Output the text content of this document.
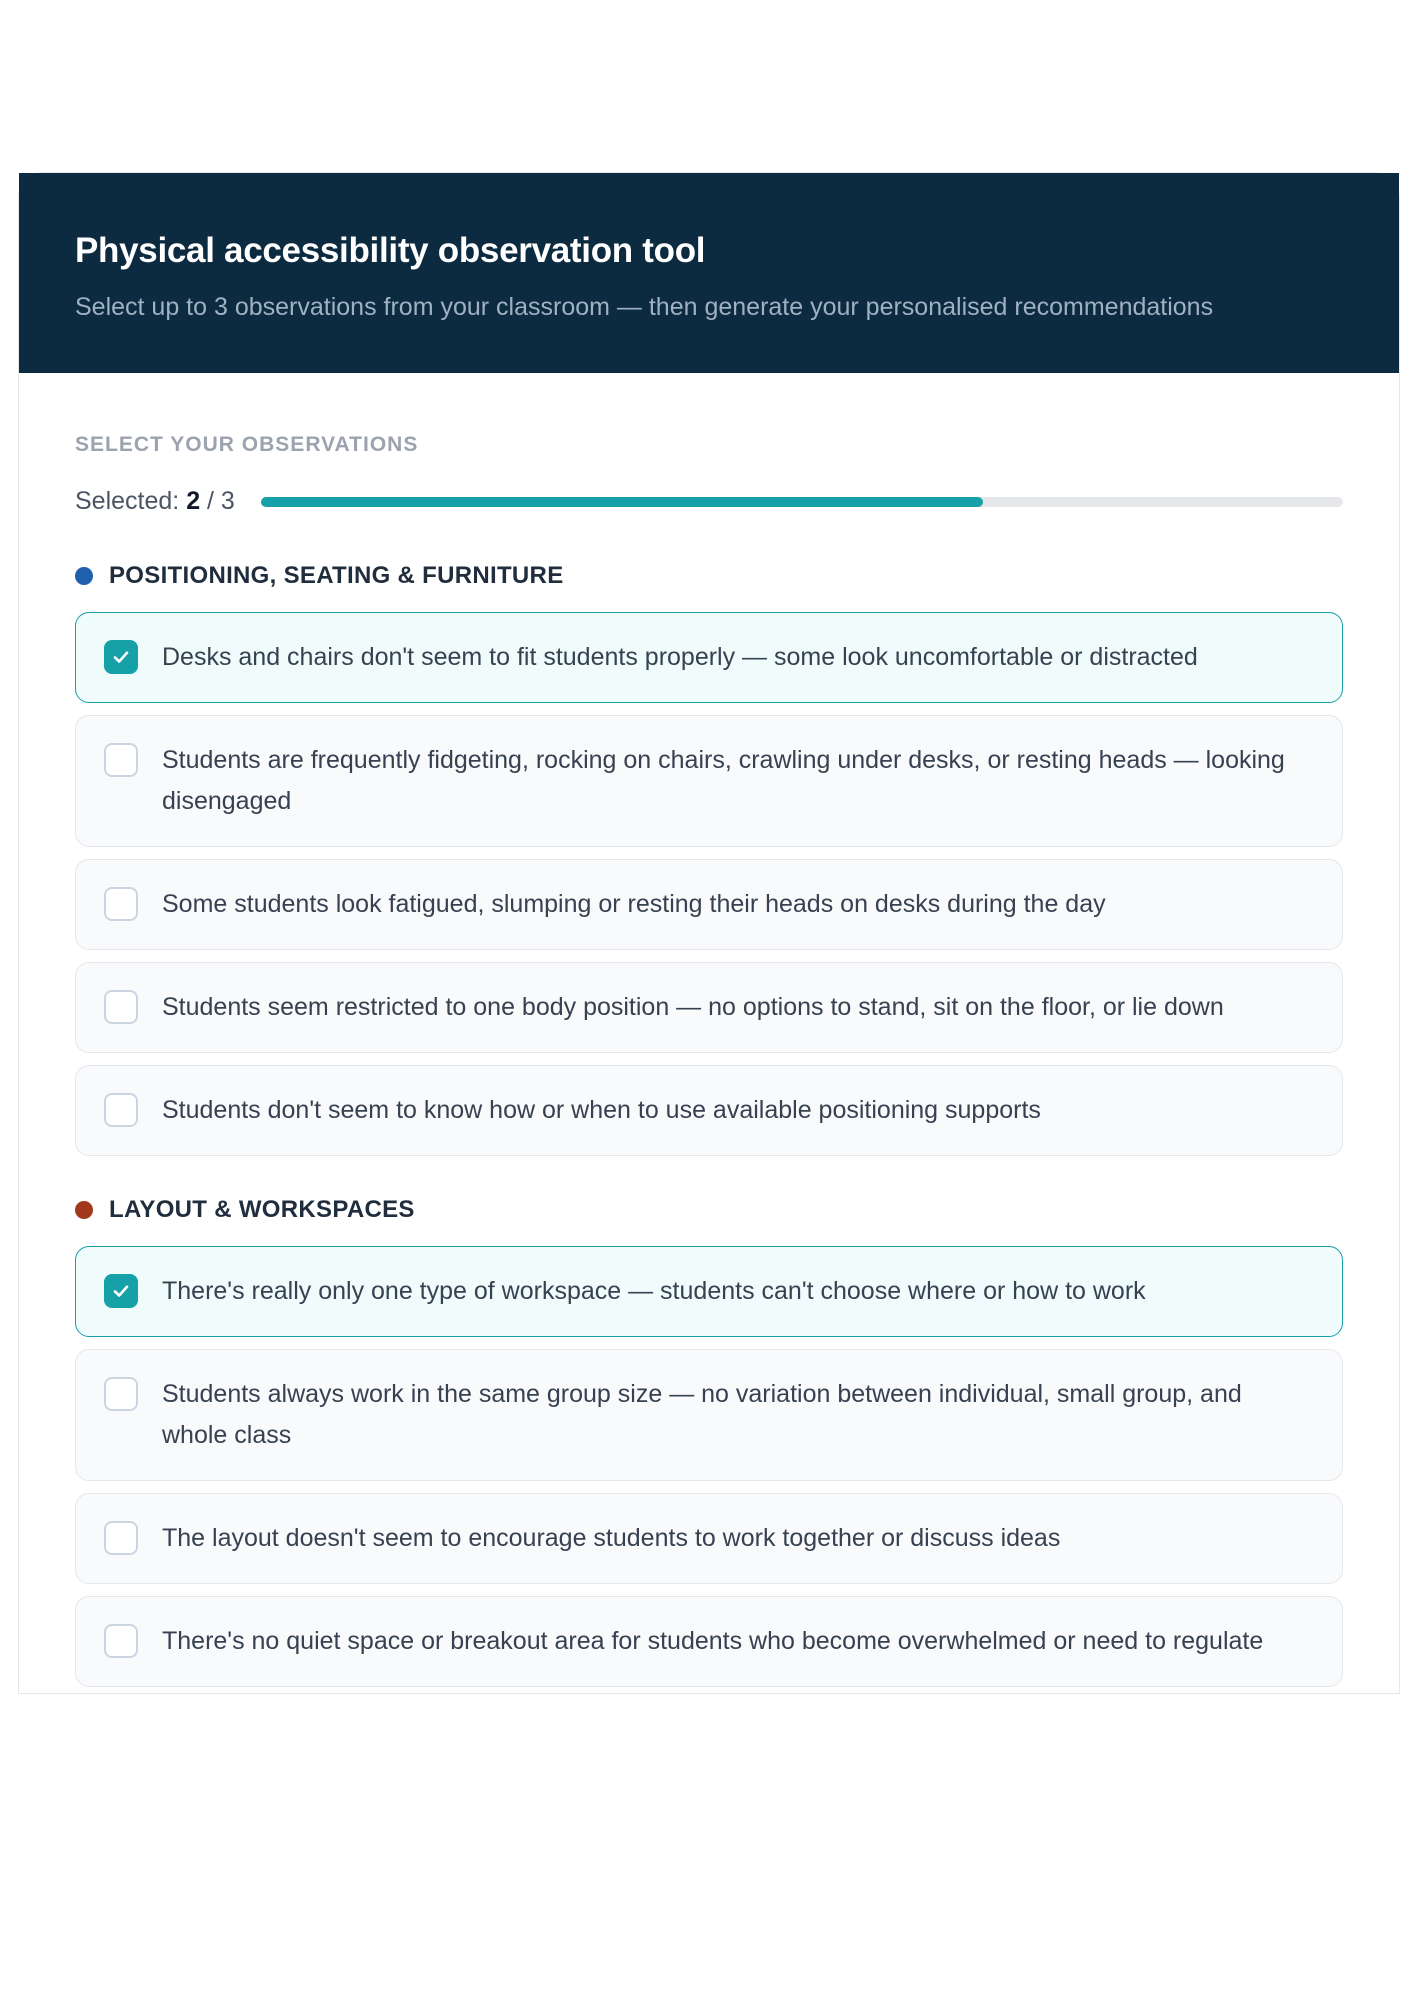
Physical accessibility observation tool
Select up to 3 observations from your classroom — then generate your personalised recommendations
SELECT YOUR OBSERVATIONS
Selected: 2 / 3
POSITIONING, SEATING & FURNITURE
Desks and chairs don't seem to fit students properly — some look uncomfortable or distracted
Students are frequently fidgeting, rocking on chairs, crawling under desks, or resting heads — looking disengaged
Some students look fatigued, slumping or resting their heads on desks during the day
Students seem restricted to one body position — no options to stand, sit on the floor, or lie down
Students don't seem to know how or when to use available positioning supports
LAYOUT & WORKSPACES
There's really only one type of workspace — students can't choose where or how to work
Students always work in the same group size — no variation between individual, small group, and whole class
The layout doesn't seem to encourage students to work together or discuss ideas
There's no quiet space or breakout area for students who become overwhelmed or need to regulate
